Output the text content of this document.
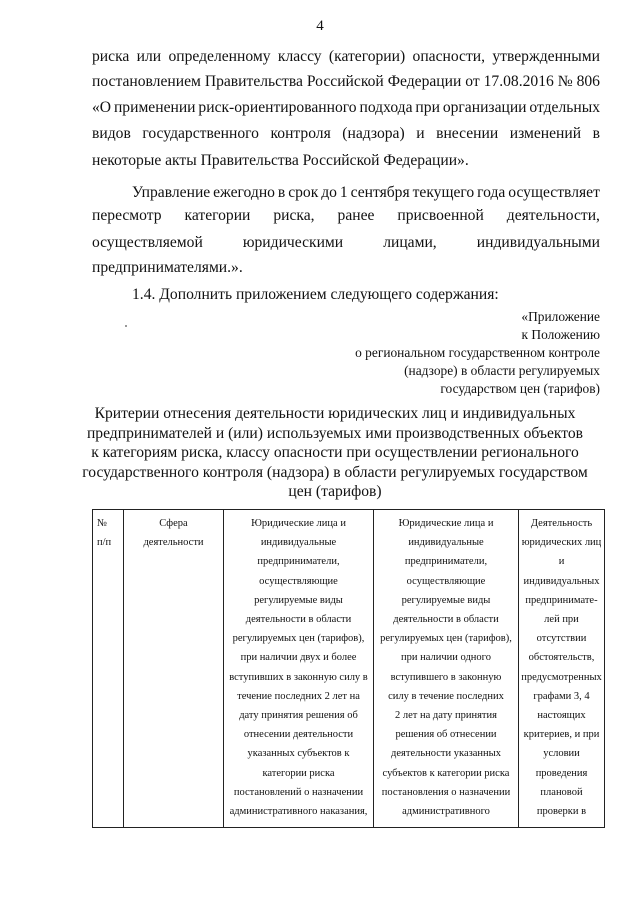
4
риска или определенному классу (категории) опасности, утвержденными
постановлением Правительства Российской Федерации от 17.08.2016 № 806
«О применении риск-ориентированного подхода при организации отдельных
видов государственного контроля (надзора) и внесении изменений в
некоторые акты Правительства Российской Федерации».
Управление ежегодно в срок до 1 сентября текущего года осуществляет
пересмотр категории риска, ранее присвоенной деятельности,
осуществляемой	юридическими	лицами,	индивидуальными
предпринимателями.».
1.4. Дополнить приложением следующего содержания:
«Приложение
к Положению
о региональном государственном контроле
(надзоре) в области регулируемых
государством цен (тарифов)
Критерии отнесения деятельности юридических лиц и индивидуальных
предпринимателей и (или) используемых ими производственных объектов
к категориям риска, классу опасности при осуществлении регионального
государственного контроля (надзора) в области регулируемых государством
цен (тарифов)
№
п/п

Сфера
деятельности

Юридические лица и
индивидуальные
предприниматели,
осуществляющие
регулируемые виды
деятельности в области
регулируемых цен (тарифов),
при наличии двух и более
вступивших в законную силу в
течение последних 2 лет на
дату принятия решения об
отнесении деятельности
указанных субъектов к
категории риска
постановлений о назначении
административного наказания,

Юридические лица и
индивидуальные
предприниматели,
осуществляющие
регулируемые виды
деятельности в области
регулируемых цен (тарифов),
при наличии одного
вступившего в законную
силу в течение последних
2 лет на дату принятия
решения об отнесении
деятельности указанных
субъектов к категории риска
постановления о назначении
административного

Деятельность
юридических лиц
и
индивидуальных
предпринимате-
лей при
отсутствии
обстоятельств,
предусмотренных
графами 3, 4
настоящих
критериев, и при
условии
проведения
плановой
проверки в
